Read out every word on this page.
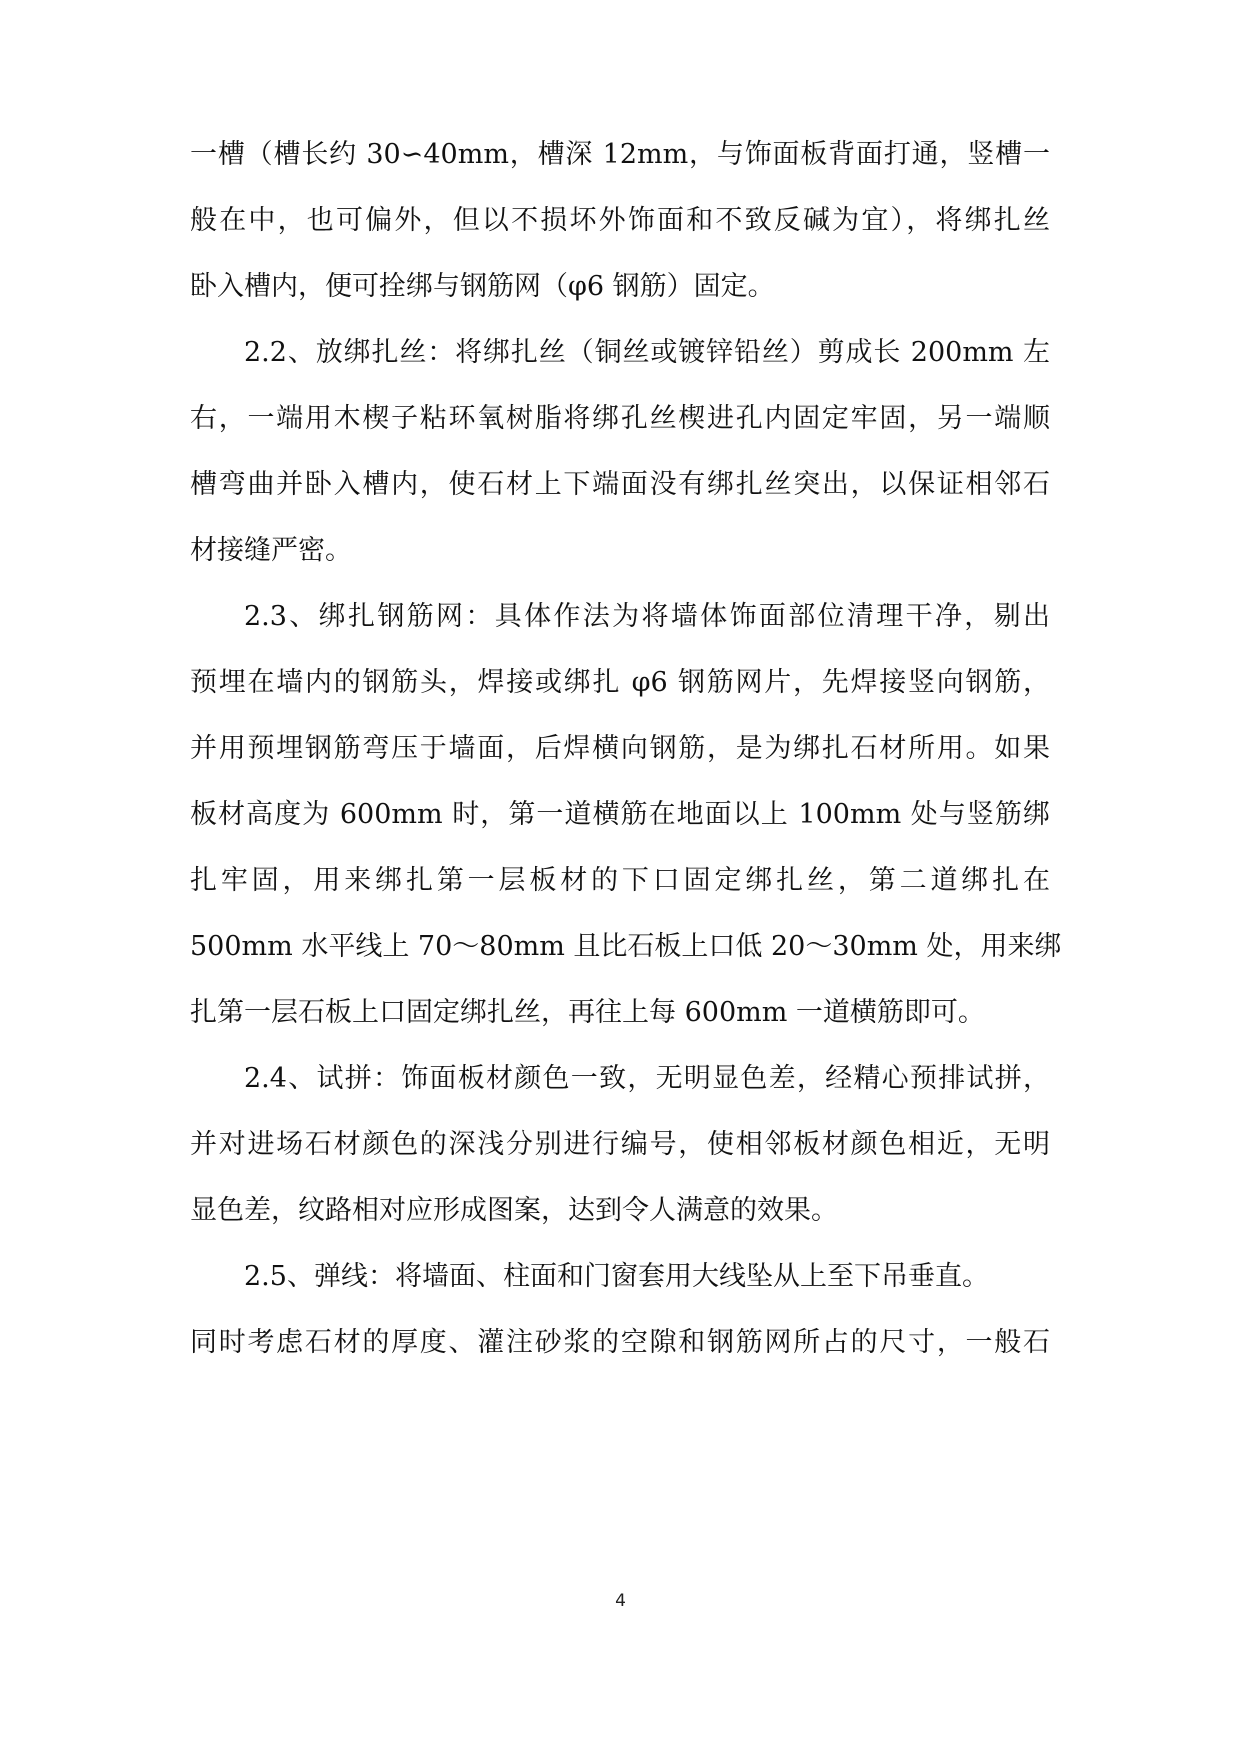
一槽（槽长约 30∽40mm，槽深 12mm，与饰面板背面打通，竖槽一
般在中，也可偏外，但以不损坏外饰面和不致反碱为宜），将绑扎丝
卧入槽内，便可拴绑与钢筋网（φ6 钢筋）固定。
2.2、放绑扎丝：将绑扎丝（铜丝或镀锌铅丝）剪成长 200mm 左
右，一端用木楔子粘环氧树脂将绑孔丝楔进孔内固定牢固，另一端顺
槽弯曲并卧入槽内，使石材上下端面没有绑扎丝突出，以保证相邻石
材接缝严密。
2.3、绑扎钢筋网：具体作法为将墙体饰面部位清理干净，剔出
预埋在墙内的钢筋头，焊接或绑扎 φ6 钢筋网片，先焊接竖向钢筋，
并用预埋钢筋弯压于墙面，后焊横向钢筋，是为绑扎石材所用。如果
板材高度为 600mm 时，第一道横筋在地面以上 100mm 处与竖筋绑
扎牢固，用来绑扎第一层板材的下口固定绑扎丝，第二道绑扎在
500mm 水平线上 70～80mm 且比石板上口低 20～30mm 处，用来绑
扎第一层石板上口固定绑扎丝，再往上每 600mm 一道横筋即可。
2.4、试拼：饰面板材颜色一致，无明显色差，经精心预排试拼，
并对进场石材颜色的深浅分别进行编号，使相邻板材颜色相近，无明
显色差，纹路相对应形成图案，达到令人满意的效果。
2.5、弹线：将墙面、柱面和门窗套用大线坠从上至下吊垂直。
同时考虑石材的厚度、灌注砂浆的空隙和钢筋网所占的尺寸，一般石
4
